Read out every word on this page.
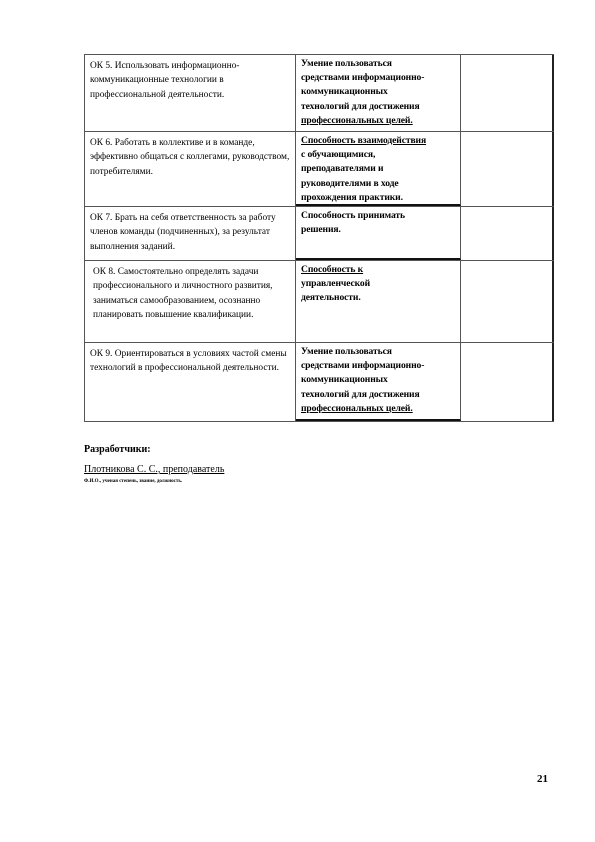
ОК 5. Использовать информационно-коммуникационные технологии в профессиональной деятельности.
Умение пользоваться
средствами информационно-
коммуникационных
технологий для достижения
профессиональных целей.
ОК 6. Работать в коллективе и в команде, эффективно общаться с коллегами, руководством, потребителями.
Способность взаимодействия
с обучающимися,
преподавателями и
руководителями в ходе
прохождения практики.
ОК 7. Брать на себя ответственность за работу членов команды (подчиненных), за результат выполнения заданий.
Способность принимать
решения.
ОК 8. Самостоятельно определять задачи профессионального и личностного развития, заниматься самообразованием, осознанно планировать повышение квалификации.
Способность к
управленческой
деятельности.
ОК 9. Ориентироваться в условиях частой смены технологий в профессиональной деятельности.
Умение пользоваться
средствами информационно-
коммуникационных
технологий для достижения
профессиональных целей.
Разработчики:
Плотникова С. С., преподаватель
Ф.И.О., ученая степень, звание, должность.
21
